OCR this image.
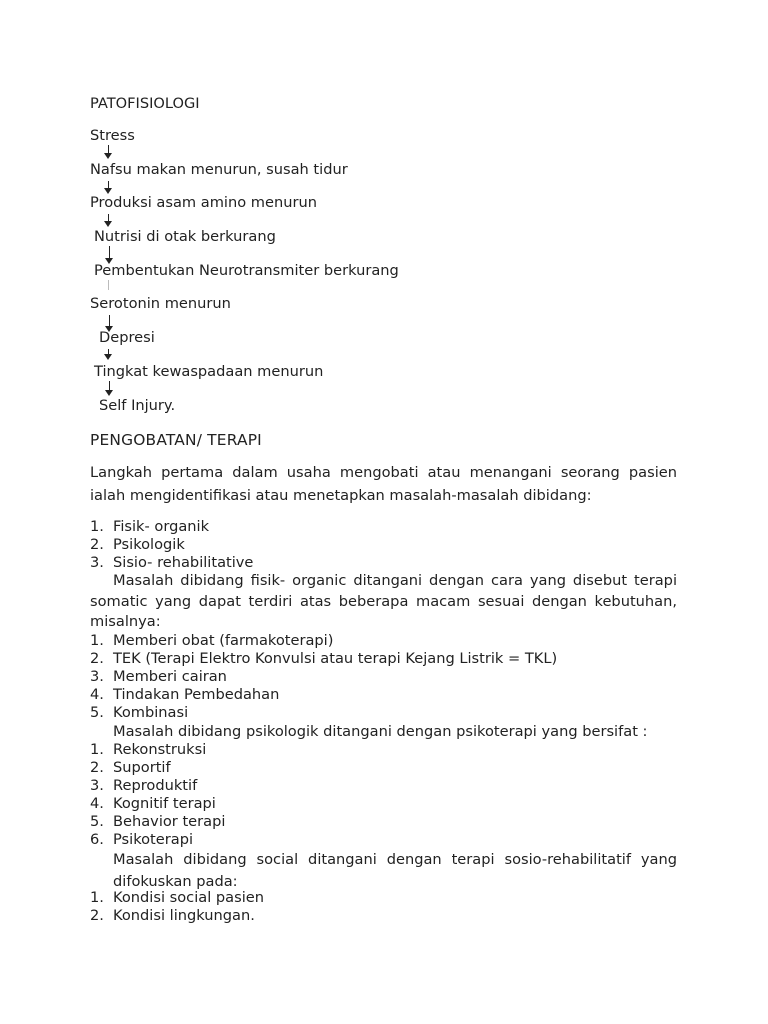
PATOFISIOLOGI
Stress
Nafsu makan menurun, susah tidur
Produksi asam amino menurun
Nutrisi di otak berkurang
Pembentukan Neurotransmiter berkurang
Serotonin menurun
Depresi
Tingkat kewaspadaan menurun
Self Injury.
PENGOBATAN/ TERAPI
Langkah pertama dalam usaha mengobati atau menangani seorang pasien
ialah mengidentifikasi atau menetapkan masalah-masalah dibidang:
1. Fisik- organik
2. Psikologik
3. Sisio- rehabilitative
Masalah dibidang fisik- organic ditangani dengan cara yang disebut terapi
somatic yang dapat terdiri atas beberapa macam sesuai dengan kebutuhan,
misalnya:
1. Memberi obat (farmakoterapi)
2. TEK (Terapi Elektro Konvulsi atau terapi Kejang Listrik = TKL)
3. Memberi cairan
4. Tindakan Pembedahan
5. Kombinasi
Masalah dibidang psikologik ditangani dengan psikoterapi yang bersifat :
1. Rekonstruksi
2. Suportif
3. Reproduktif
4. Kognitif terapi
5. Behavior terapi
6. Psikoterapi
Masalah dibidang social ditangani dengan terapi sosio-rehabilitatif yang
difokuskan pada:
1. Kondisi social pasien
2. Kondisi lingkungan.
